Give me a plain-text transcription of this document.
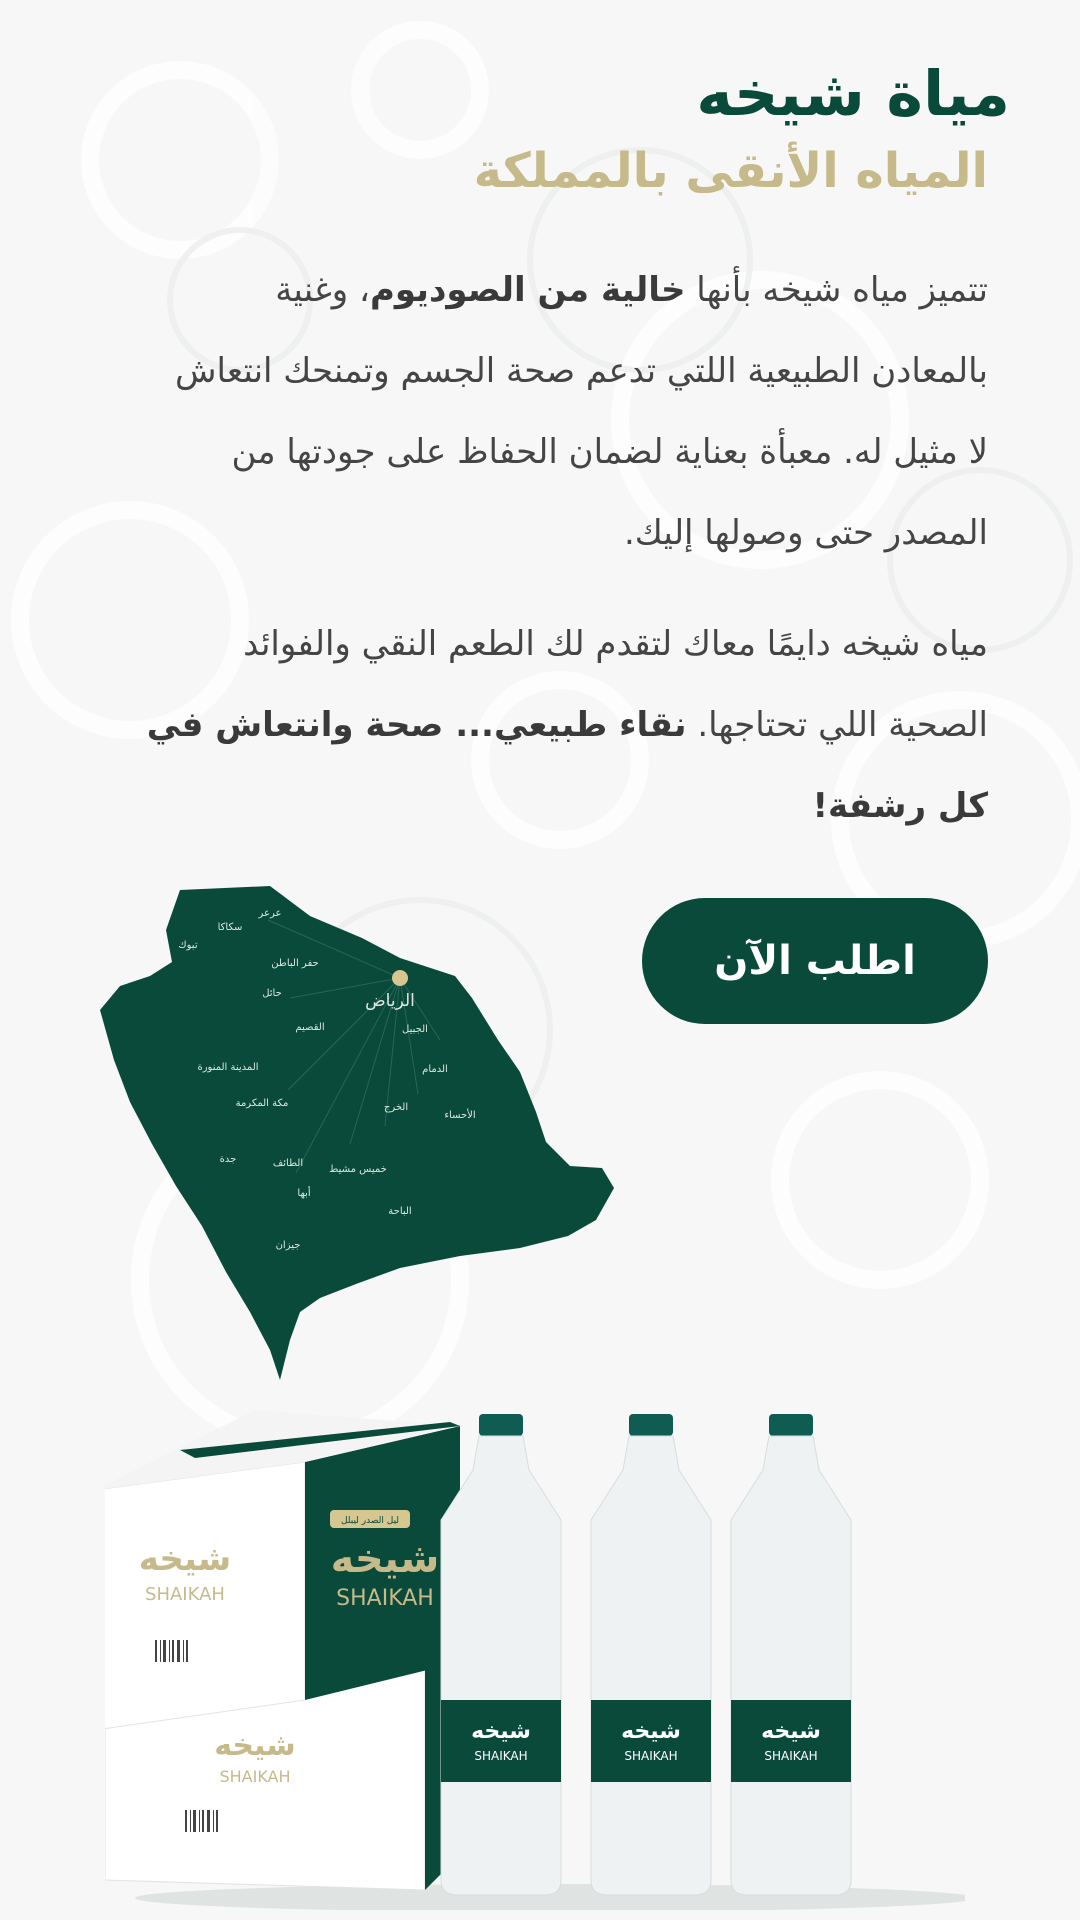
مياة شيخه
المياه الأنقى بالمملكة

تتميز مياه شيخه بأنها خالية من الصوديوم، وغنية بالمعادن الطبيعية اللتي تدعم صحة الجسم وتمنحك انتعاش لا مثيل له. معبأة بعناية لضمان الحفاظ على جودتها من المصدر حتى وصولها إليك.

مياه شيخه دايمًا معاك لتقدم لك الطعم النقي والفوائد الصحية اللي تحتاجها. نقاء طبيعي... صحة وانتعاش في كل رشفة!

اطلب الآن
عرعر
سكاكا
تبوك
حفر الباطن
حائل
القصيم	الجبيل
الدمام
المدينة المنورة
مكة المكرمة	الخرج
الأحساء
جدة	الطائف
خميس مشيط
أبها
الباحة
جيزان
الرياض
شيخه
SHAIKAH
شيخه
SHAIKAH
ليل الصدر ليبلل
شيخه
SHAIKAH
شيخه
SHAIKAH
شيخه
SHAIKAH
شيخه
SHAIKAH
